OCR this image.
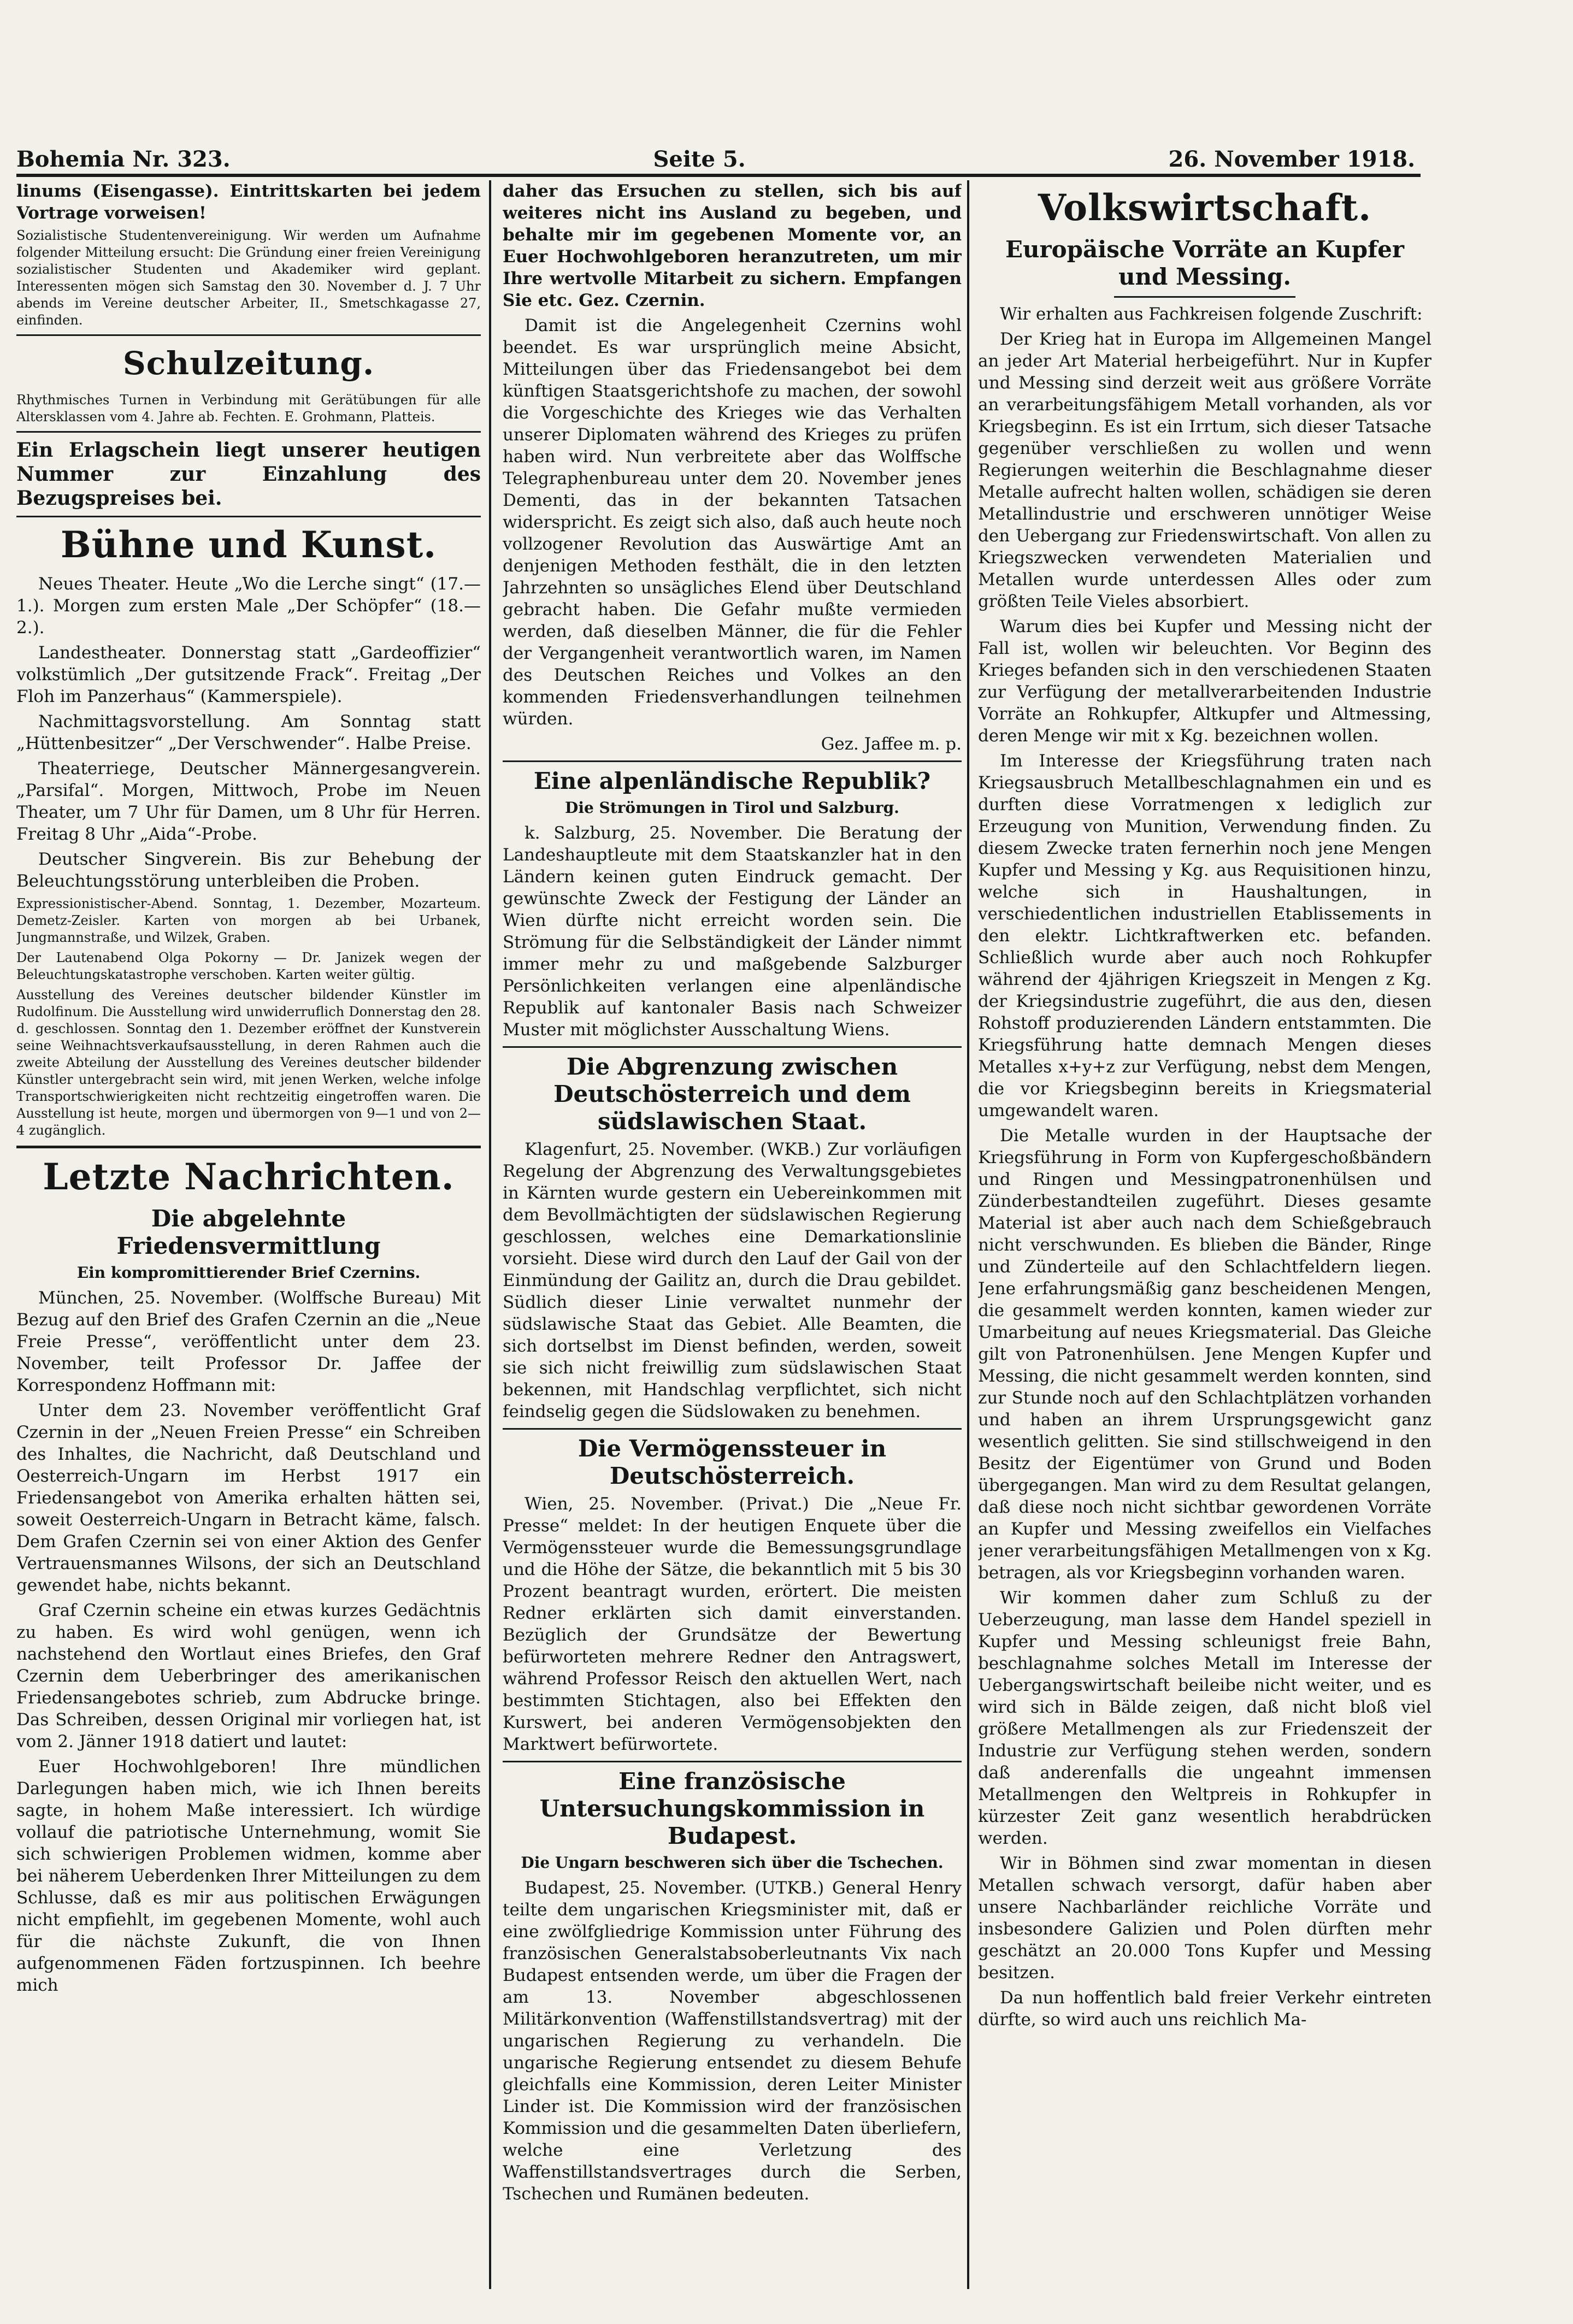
Bohemia Nr. 323.	Seite 5.	26. November 1918.

linums (Eisengasse). Eintrittskarten bei jedem Vortrage vorweisen!

Sozialistische Studentenvereinigung. Wir werden um Aufnahme folgender Mitteilung ersucht: Die Gründung einer freien Vereinigung sozialistischer Studenten und Akademiker wird geplant. Interessenten mögen sich Samstag den 30. November d. J. 7 Uhr abends im Vereine deutscher Arbeiter, II., Smetschkagasse 27, einfinden.

Schulzeitung.

Rhythmisches Turnen in Verbindung mit Gerätübungen für alle Altersklassen vom 4. Jahre ab. Fechten. E. Grohmann, Platteis.

Ein Erlagschein liegt unserer heutigen Nummer zur Einzahlung des Bezugspreises bei.
Bühne und Kunst.

Neues Theater. Heute „Wo die Lerche singt“ (17.—1.). Morgen zum ersten Male „Der Schöpfer“ (18.—2.).

Landestheater. Donnerstag statt „Gardeoffizier“ volkstümlich „Der gutsitzende Frack“. Freitag „Der Floh im Panzerhaus“ (Kammerspiele).

Nachmittagsvorstellung. Am Sonntag statt „Hüttenbesitzer“ „Der Verschwender“. Halbe Preise.

Theaterriege, Deutscher Männergesangverein. „Parsifal“. Morgen, Mittwoch, Probe im Neuen Theater, um 7 Uhr für Damen, um 8 Uhr für Herren. Freitag 8 Uhr „Aida“-Probe.

Deutscher Singverein. Bis zur Behebung der Beleuchtungsstörung unterbleiben die Proben.

Expressionistischer-Abend. Sonntag, 1. Dezember, Mozarteum. Demetz-Zeisler. Karten von morgen ab bei Urbanek, Jungmannstraße, und Wilzek, Graben.

Der Lautenabend Olga Pokorny — Dr. Janizek wegen der Beleuchtungskatastrophe verschoben. Karten weiter gültig.

Ausstellung des Vereines deutscher bildender Künstler im Rudolfinum. Die Ausstellung wird unwiderruflich Donnerstag den 28. d. geschlossen. Sonntag den 1. Dezember eröffnet der Kunstverein seine Weihnachtsverkaufsausstellung, in deren Rahmen auch die zweite Abteilung der Ausstellung des Vereines deutscher bildender Künstler untergebracht sein wird, mit jenen Werken, welche infolge Transportschwierigkeiten nicht rechtzeitig eingetroffen waren. Die Ausstellung ist heute, morgen und übermorgen von 9—1 und von 2—4 zugänglich.

Letzte Nachrichten.
Die abgelehnte Friedensvermittlung
Ein kompromittierender Brief Czernins.

München, 25. November. (Wolffsche Bureau) Mit Bezug auf den Brief des Grafen Czernin an die „Neue Freie Presse“, veröffentlicht unter dem 23. November, teilt Professor Dr. Jaffee der Korrespondenz Hoffmann mit:

Unter dem 23. November veröffentlicht Graf Czernin in der „Neuen Freien Presse“ ein Schreiben des Inhaltes, die Nachricht, daß Deutschland und Oesterreich-Ungarn im Herbst 1917 ein Friedensangebot von Amerika erhalten hätten sei, soweit Oesterreich-Ungarn in Betracht käme, falsch. Dem Grafen Czernin sei von einer Aktion des Genfer Vertrauensmannes Wilsons, der sich an Deutschland gewendet habe, nichts bekannt.

Graf Czernin scheine ein etwas kurzes Gedächtnis zu haben. Es wird wohl genügen, wenn ich nachstehend den Wortlaut eines Briefes, den Graf Czernin dem Ueberbringer des amerikanischen Friedensangebotes schrieb, zum Abdrucke bringe. Das Schreiben, dessen Original mir vorliegen hat, ist vom 2. Jänner 1918 datiert und lautet:

Euer Hochwohlgeboren! Ihre mündlichen Darlegungen haben mich, wie ich Ihnen bereits sagte, in hohem Maße interessiert. Ich würdige vollauf die patriotische Unternehmung, womit Sie sich schwierigen Problemen widmen, komme aber bei näherem Ueberdenken Ihrer Mitteilungen zu dem Schlusse, daß es mir aus politischen Erwägungen nicht empfiehlt, im gegebenen Momente, wohl auch für die nächste Zukunft, die von Ihnen aufgenommenen Fäden fortzuspinnen. Ich beehre mich

daher das Ersuchen zu stellen, sich bis auf weiteres nicht ins Ausland zu begeben, und behalte mir im gegebenen Momente vor, an Euer Hochwohlgeboren heranzutreten, um mir Ihre wertvolle Mitarbeit zu sichern. Empfangen Sie etc. Gez. Czernin.

Damit ist die Angelegenheit Czernins wohl beendet. Es war ursprünglich meine Absicht, Mitteilungen über das Friedensangebot bei dem künftigen Staatsgerichtshofe zu machen, der sowohl die Vorgeschichte des Krieges wie das Verhalten unserer Diplomaten während des Krieges zu prüfen haben wird. Nun verbreitete aber das Wolffsche Telegraphenbureau unter dem 20. November jenes Dementi, das in der bekannten Tatsachen widerspricht. Es zeigt sich also, daß auch heute noch vollzogener Revolution das Auswärtige Amt an denjenigen Methoden festhält, die in den letzten Jahrzehnten so unsägliches Elend über Deutschland gebracht haben. Die Gefahr mußte vermieden werden, daß dieselben Männer, die für die Fehler der Vergangenheit verantwortlich waren, im Namen des Deutschen Reiches und Volkes an den kommenden Friedensverhandlungen teilnehmen würden.

Gez. Jaffee m. p.
Eine alpenländische Republik?
Die Strömungen in Tirol und Salzburg.

k. Salzburg, 25. November. Die Beratung der Landeshauptleute mit dem Staatskanzler hat in den Ländern keinen guten Eindruck gemacht. Der gewünschte Zweck der Festigung der Länder an Wien dürfte nicht erreicht worden sein. Die Strömung für die Selbständigkeit der Länder nimmt immer mehr zu und maßgebende Salzburger Persönlichkeiten verlangen eine alpenländische Republik auf kantonaler Basis nach Schweizer Muster mit möglichster Ausschaltung Wiens.

Die Abgrenzung zwischen Deutschösterreich und dem südslawischen Staat.

Klagenfurt, 25. November. (WKB.) Zur vorläufigen Regelung der Abgrenzung des Verwaltungsgebietes in Kärnten wurde gestern ein Uebereinkommen mit dem Bevollmächtigten der südslawischen Regierung geschlossen, welches eine Demarkationslinie vorsieht. Diese wird durch den Lauf der Gail von der Einmündung der Gailitz an, durch die Drau gebildet. Südlich dieser Linie verwaltet nunmehr der südslawische Staat das Gebiet. Alle Beamten, die sich dortselbst im Dienst befinden, werden, soweit sie sich nicht freiwillig zum südslawischen Staat bekennen, mit Handschlag verpflichtet, sich nicht feindselig gegen die Südslowaken zu benehmen.

Die Vermögenssteuer in Deutschösterreich.

Wien, 25. November. (Privat.) Die „Neue Fr. Presse“ meldet: In der heutigen Enquete über die Vermögenssteuer wurde die Bemessungsgrundlage und die Höhe der Sätze, die bekanntlich mit 5 bis 30 Prozent beantragt wurden, erörtert. Die meisten Redner erklärten sich damit einverstanden. Bezüglich der Grundsätze der Bewertung befürworteten mehrere Redner den Antragswert, während Professor Reisch den aktuellen Wert, nach bestimmten Stichtagen, also bei Effekten den Kurswert, bei anderen Vermögensobjekten den Marktwert befürwortete.

Eine französische Untersuchungskommission in Budapest.
Die Ungarn beschweren sich über die Tschechen.

Budapest, 25. November. (UTKB.) General Henry teilte dem ungarischen Kriegsminister mit, daß er eine zwölfgliedrige Kommission unter Führung des französischen Generalstabsoberleutnants Vix nach Budapest entsenden werde, um über die Fragen der am 13. November abgeschlossenen Militärkonvention (Waffenstillstandsvertrag) mit der ungarischen Regierung zu verhandeln. Die ungarische Regierung entsendet zu diesem Behufe gleichfalls eine Kommission, deren Leiter Minister Linder ist. Die Kommission wird der französischen Kommission und die gesammelten Daten überliefern, welche eine Verletzung des Waffenstillstandsvertrages durch die Serben, Tschechen und Rumänen bedeuten.

Volkswirtschaft.
Europäische Vorräte an Kupfer und Messing.

Wir erhalten aus Fachkreisen folgende Zuschrift:

Der Krieg hat in Europa im Allgemeinen Mangel an jeder Art Material herbeigeführt. Nur in Kupfer und Messing sind derzeit weit aus größere Vorräte an verarbeitungsfähigem Metall vorhanden, als vor Kriegsbeginn. Es ist ein Irrtum, sich dieser Tatsache gegenüber verschließen zu wollen und wenn Regierungen weiterhin die Beschlagnahme dieser Metalle aufrecht halten wollen, schädigen sie deren Metallindustrie und erschweren unnötiger Weise den Uebergang zur Friedenswirtschaft. Von allen zu Kriegszwecken verwendeten Materialien und Metallen wurde unterdessen Alles oder zum größten Teile Vieles absorbiert.

Warum dies bei Kupfer und Messing nicht der Fall ist, wollen wir beleuchten. Vor Beginn des Krieges befanden sich in den verschiedenen Staaten zur Verfügung der metallverarbeitenden Industrie Vorräte an Rohkupfer, Altkupfer und Altmessing, deren Menge wir mit x Kg. bezeichnen wollen.

Im Interesse der Kriegsführung traten nach Kriegsausbruch Metallbeschlagnahmen ein und es durften diese Vorratmengen x lediglich zur Erzeugung von Munition, Verwendung finden. Zu diesem Zwecke traten fernerhin noch jene Mengen Kupfer und Messing y Kg. aus Requisitionen hinzu, welche sich in Haushaltungen, in verschiedentlichen industriellen Etablissements in den elektr. Lichtkraftwerken etc. befanden. Schließlich wurde aber auch noch Rohkupfer während der 4jährigen Kriegszeit in Mengen z Kg. der Kriegsindustrie zugeführt, die aus den, diesen Rohstoff produzierenden Ländern entstammten. Die Kriegsführung hatte demnach Mengen dieses Metalles x+y+z zur Verfügung, nebst dem Mengen, die vor Kriegsbeginn bereits in Kriegsmaterial umgewandelt waren.

Die Metalle wurden in der Hauptsache der Kriegsführung in Form von Kupfergeschoßbändern und Ringen und Messingpatronenhülsen und Zünderbestandteilen zugeführt. Dieses gesamte Material ist aber auch nach dem Schießgebrauch nicht verschwunden. Es blieben die Bänder, Ringe und Zünderteile auf den Schlachtfeldern liegen. Jene erfahrungsmäßig ganz bescheidenen Mengen, die gesammelt werden konnten, kamen wieder zur Umarbeitung auf neues Kriegsmaterial. Das Gleiche gilt von Patronenhülsen. Jene Mengen Kupfer und Messing, die nicht gesammelt werden konnten, sind zur Stunde noch auf den Schlachtplätzen vorhanden und haben an ihrem Ursprungsgewicht ganz wesentlich gelitten. Sie sind stillschweigend in den Besitz der Eigentümer von Grund und Boden übergegangen. Man wird zu dem Resultat gelangen, daß diese noch nicht sichtbar gewordenen Vorräte an Kupfer und Messing zweifellos ein Vielfaches jener verarbeitungsfähigen Metallmengen von x Kg. betragen, als vor Kriegsbeginn vorhanden waren.

Wir kommen daher zum Schluß zu der Ueberzeugung, man lasse dem Handel speziell in Kupfer und Messing schleunigst freie Bahn, beschlagnahme solches Metall im Interesse der Uebergangswirtschaft beileibe nicht weiter, und es wird sich in Bälde zeigen, daß nicht bloß viel größere Metallmengen als zur Friedenszeit der Industrie zur Verfügung stehen werden, sondern daß anderenfalls die ungeahnt immensen Metallmengen den Weltpreis in Rohkupfer in kürzester Zeit ganz wesentlich herabdrücken werden.

Wir in Böhmen sind zwar momentan in diesen Metallen schwach versorgt, dafür haben aber unsere Nachbarländer reichliche Vorräte und insbesondere Galizien und Polen dürften mehr geschätzt an 20.000 Tons Kupfer und Messing besitzen.

Da nun hoffentlich bald freier Verkehr eintreten dürfte, so wird auch uns reichlich Ma-
